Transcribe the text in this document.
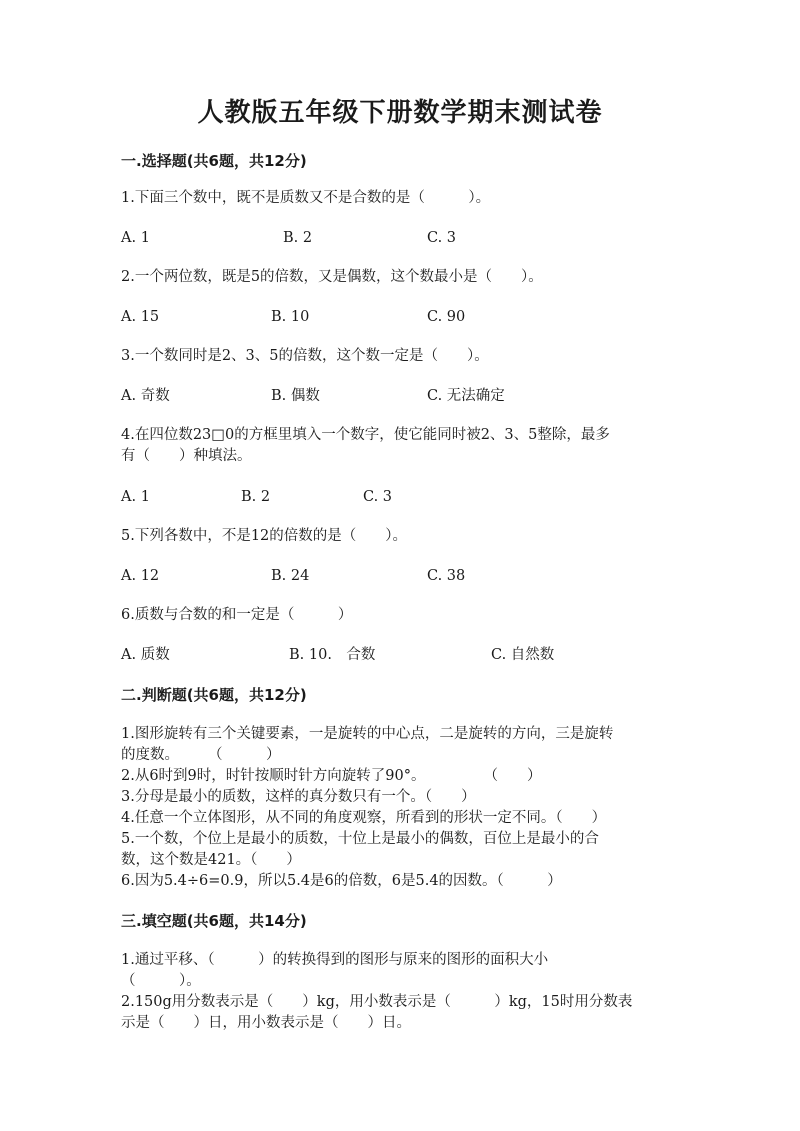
人教版五年级下册数学期末测试卷
一.选择题(共6题，共12分)
1.下面三个数中，既不是质数又不是合数的是（　　　）。
A. 1	B. 2	C. 3
2.一个两位数，既是5的倍数，又是偶数，这个数最小是（　　）。
A. 15	B. 10	C. 90
3.一个数同时是2、3、5的倍数，这个数一定是（　　）。
A. 奇数	B. 偶数	C. 无法确定
4.在四位数23□0的方框里填入一个数字，使它能同时被2、3、5整除，最多
有（　　）种填法。
A. 1	B. 2	C. 3
5.下列各数中，不是12的倍数的是（　　）。
A. 12	B. 24	C. 38
6.质数与合数的和一定是（　　　）
A. 质数	B. 10.　合数	C. 自然数
二.判断题(共6题，共12分)
1.图形旋转有三个关键要素，一是旋转的中心点，二是旋转的方向，三是旋转
的度数。　　　（　　　）
2.从6时到9时，时针按顺时针方向旋转了90°。　　　　　（　　）
3.分母是最小的质数，这样的真分数只有一个。（　　）
4.任意一个立体图形，从不同的角度观察，所看到的形状一定不同。（　　）
5.一个数，个位上是最小的质数，十位上是最小的偶数，百位上是最小的合
数，这个数是421。（　　）
6.因为5.4÷6=0.9，所以5.4是6的倍数，6是5.4的因数。（　　　）
三.填空题(共6题，共14分)
1.通过平移、（　　　）的转换得到的图形与原来的图形的面积大小
（　　　）。
2.150g用分数表示是（　　）kg，用小数表示是（　　　）kg，15时用分数表
示是（　　）日，用小数表示是（　　）日。
